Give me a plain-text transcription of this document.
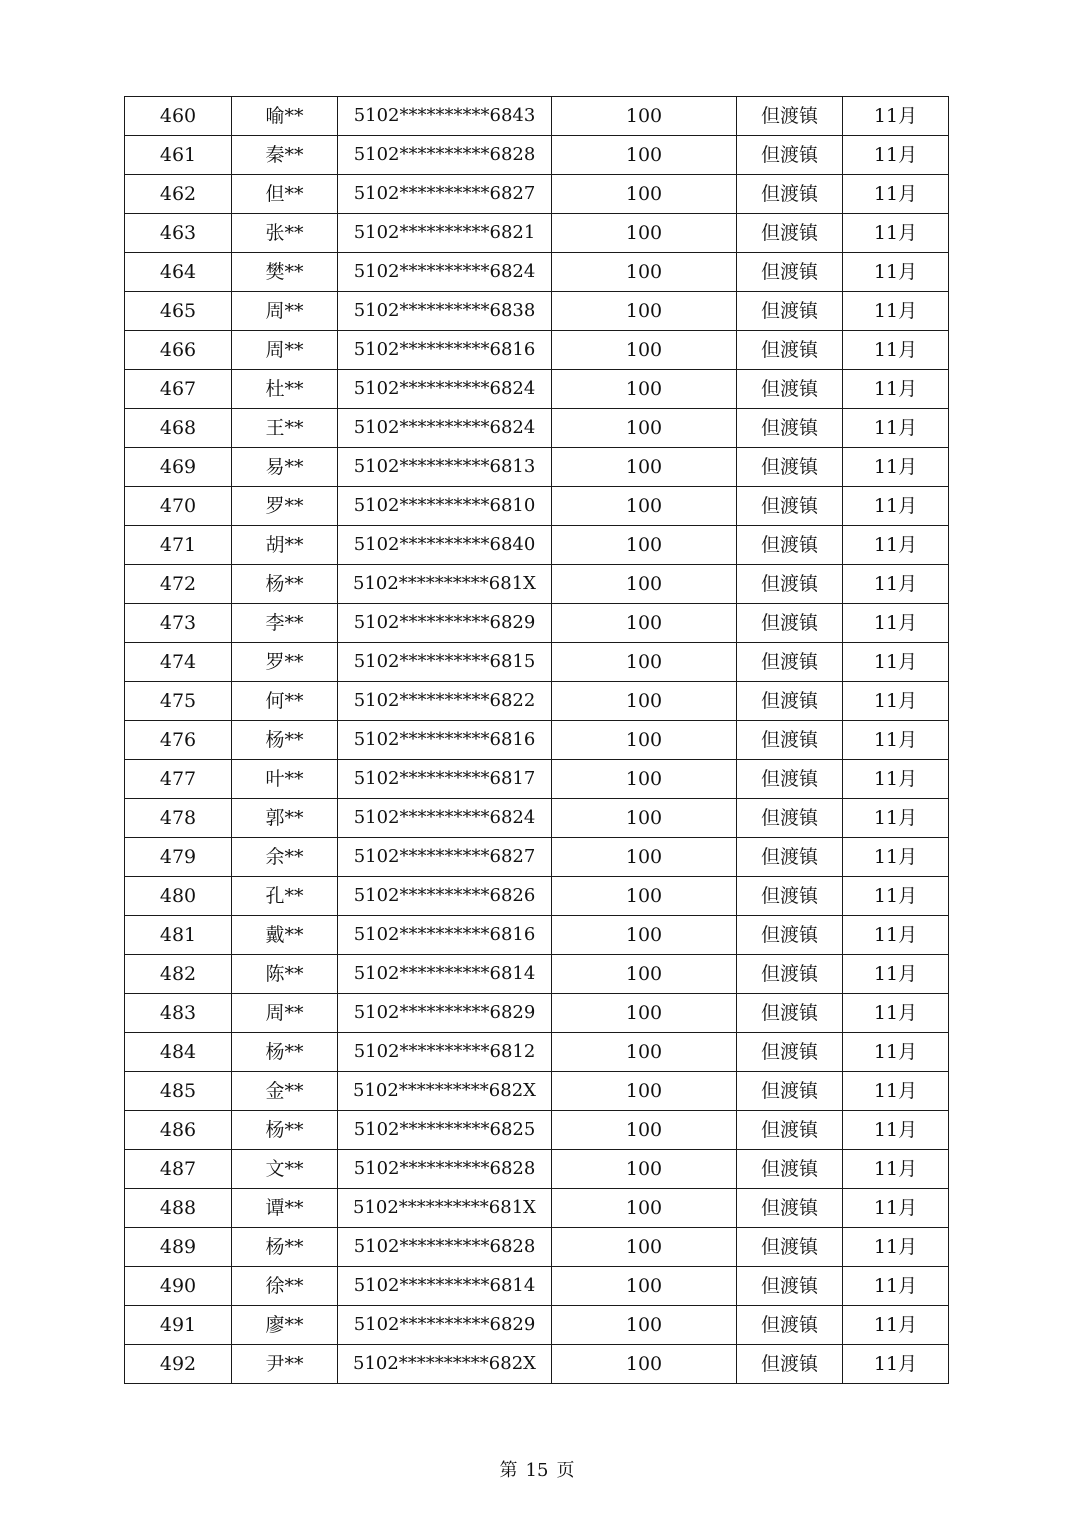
460	喻**	5102**********6843	100	但渡镇	11月
461	秦**	5102**********6828	100	但渡镇	11月
462	但**	5102**********6827	100	但渡镇	11月
463	张**	5102**********6821	100	但渡镇	11月
464	樊**	5102**********6824	100	但渡镇	11月
465	周**	5102**********6838	100	但渡镇	11月
466	周**	5102**********6816	100	但渡镇	11月
467	杜**	5102**********6824	100	但渡镇	11月
468	王**	5102**********6824	100	但渡镇	11月
469	易**	5102**********6813	100	但渡镇	11月
470	罗**	5102**********6810	100	但渡镇	11月
471	胡**	5102**********6840	100	但渡镇	11月
472	杨**	5102**********681X	100	但渡镇	11月
473	李**	5102**********6829	100	但渡镇	11月
474	罗**	5102**********6815	100	但渡镇	11月
475	何**	5102**********6822	100	但渡镇	11月
476	杨**	5102**********6816	100	但渡镇	11月
477	叶**	5102**********6817	100	但渡镇	11月
478	郭**	5102**********6824	100	但渡镇	11月
479	余**	5102**********6827	100	但渡镇	11月
480	孔**	5102**********6826	100	但渡镇	11月
481	戴**	5102**********6816	100	但渡镇	11月
482	陈**	5102**********6814	100	但渡镇	11月
483	周**	5102**********6829	100	但渡镇	11月
484	杨**	5102**********6812	100	但渡镇	11月
485	金**	5102**********682X	100	但渡镇	11月
486	杨**	5102**********6825	100	但渡镇	11月
487	文**	5102**********6828	100	但渡镇	11月
488	谭**	5102**********681X	100	但渡镇	11月
489	杨**	5102**********6828	100	但渡镇	11月
490	徐**	5102**********6814	100	但渡镇	11月
491	廖**	5102**********6829	100	但渡镇	11月
492	尹**	5102**********682X	100	但渡镇	11月
第 15 页
